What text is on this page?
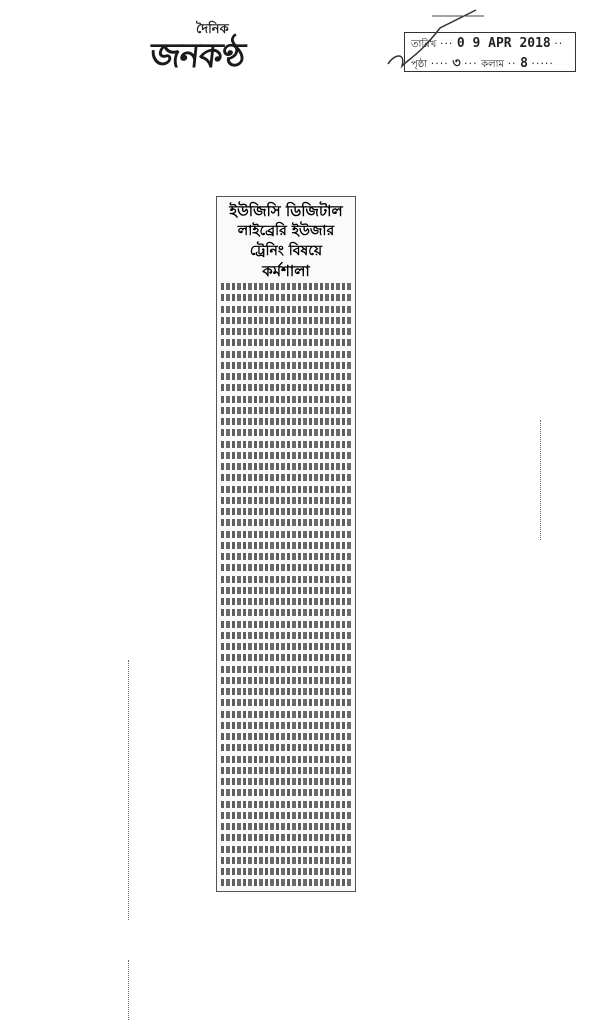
দৈনিক
জনকণ্ঠ	তারিখ ··· 0 9 APR 2018 ··
পৃষ্ঠা ···· ৩ ··· কলাম ·· 8 ·····
ইউজিসি ডিজিটাল
লাইব্রেরি ইউজার
ট্রেনিং বিষয়ে
কর্মশালা
